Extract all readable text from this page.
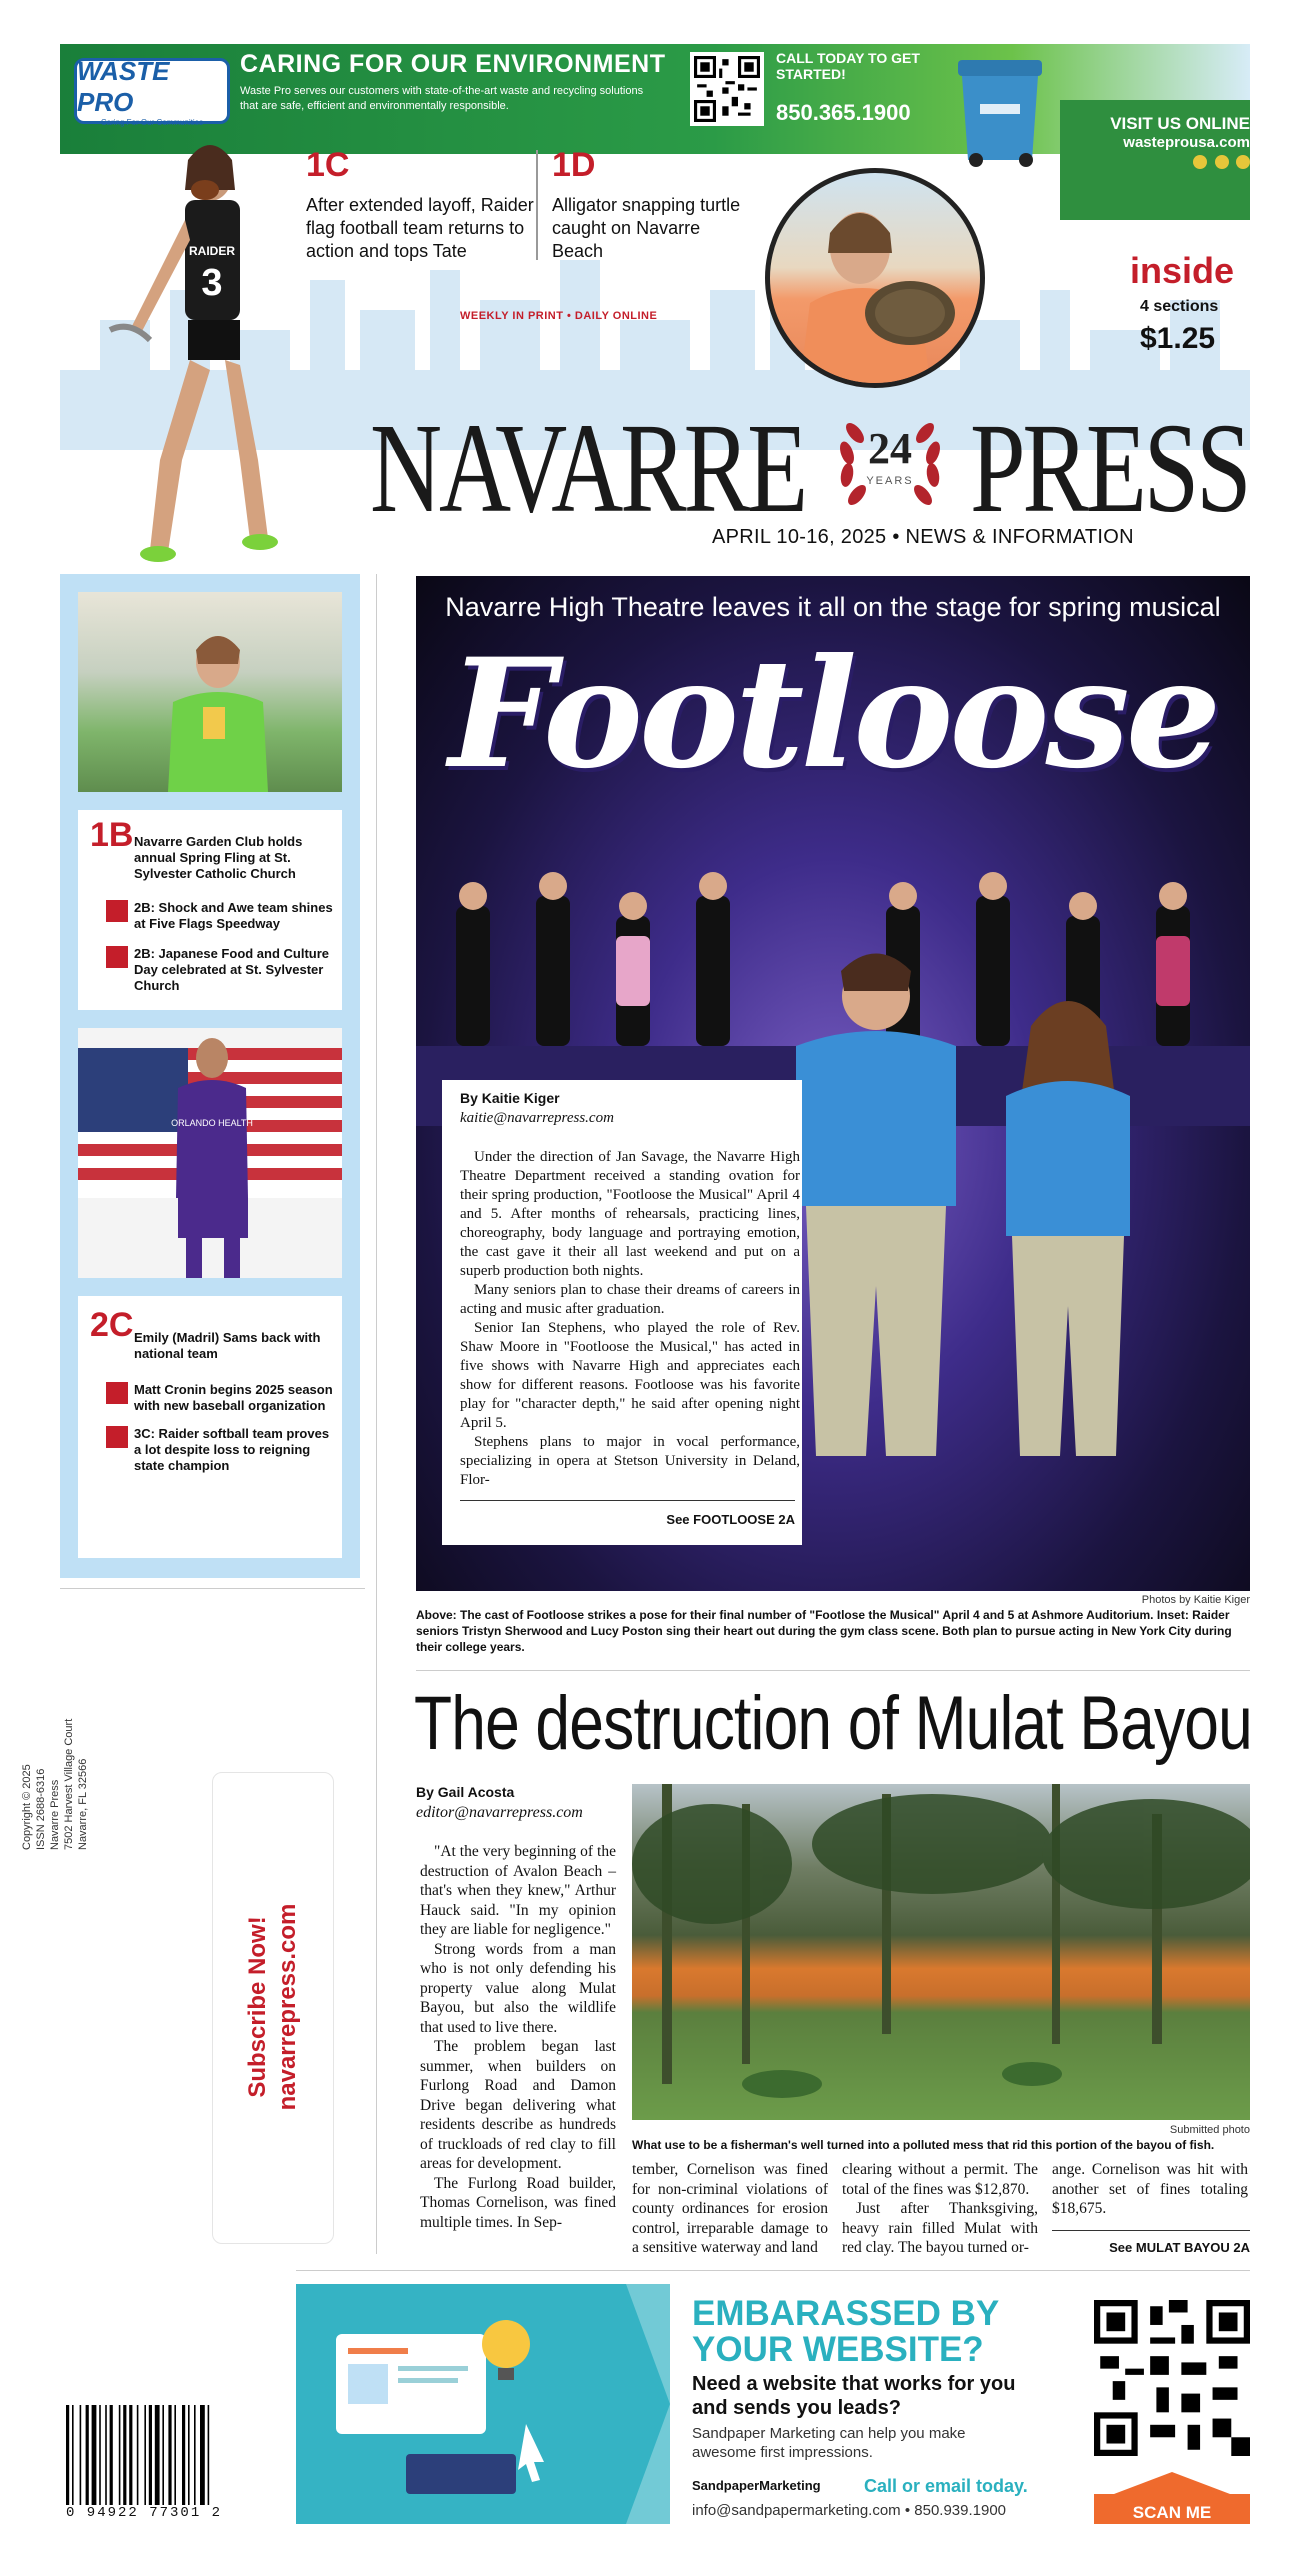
WASTE PRO
Caring For Our Communities
CARING FOR OUR ENVIRONMENT
Waste Pro serves our customers with state-of-the-art waste and recycling solutions that are safe, efficient and environmentally responsible.
CALL TODAY TO GET STARTED!
850.365.1900	VISIT US ONLINE
wasteprousa.com

RAIDER
3
1C
After extended layoff, Raider flag football team returns to action and tops Tate
1D
Alligator snapping turtle caught on Navarre Beach
WEEKLY IN PRINT • DAILY ONLINE
inside
4 sections
$1.25
NAVARRE	24
YEARS PRESS
APRIL 10-16, 2025 • NEWS & INFORMATION
1B Navarre Garden Club holds annual Spring Fling at St. Sylvester Catholic Church
2B: Shock and Awe team shines at Five Flags Speedway
2B: Japanese Food and Culture Day celebrated at St. Sylvester Church
ORLANDO HEALTH
2C Emily (Madril) Sams back with national team
Matt Cronin begins 2025 season with new baseball organization
3C: Raider softball team proves a lot despite loss to reigning state champion
Copyright © 2025 ISSN 2688-6316 Navarre Press 7502 Harvest Village Court Navarre, FL 32566
Subscribe Now! navarrepress.com
Navarre High Theatre leaves it all on the stage for spring musical
Footloose
By Kaitie Kiger
kaitie@navarrepress.com

Under the direction of Jan Savage, the Navarre High Theatre Department received a standing ovation for their spring production, "Footloose the Musical" April 4 and 5. After months of rehearsals, practicing lines, choreography, body language and portraying emotion, the cast gave it their all last weekend and put on a superb production both nights.

Many seniors plan to chase their dreams of careers in acting and music after graduation.

Senior Ian Stephens, who played the role of Rev. Shaw Moore in "Footloose the Musical," has acted in five shows with Navarre High and appreciates each show for different reasons. Footloose was his favorite play for "character depth," he said after opening night April 5.

Stephens plans to major in vocal performance, specializing in opera at Stetson University in Deland, Flor-

See FOOTLOOSE 2A
Photos by Kaitie Kiger
Above: The cast of Footloose strikes a pose for their final number of "Footlose the Musical" April 4 and 5 at Ashmore Auditorium. Inset: Raider seniors Tristyn Sherwood and Lucy Poston sing their heart out during the gym class scene. Both plan to pursue acting in New York City during their college years.
The destruction of Mulat Bayou
By Gail Acosta
editor@navarrepress.com

"At the very beginning of the destruction of Avalon Beach – that's when they knew," Arthur Hauck said. "In my opinion they are liable for negligence."

Strong words from a man who is not only defending his property value along Mulat Bayou, but also the wildlife that used to live there.

The problem began last summer, when builders on Furlong Road and Damon Drive began delivering what residents describe as hundreds of truckloads of red clay to fill areas for development.

The Furlong Road builder, Thomas Cornelison, was fined multiple times. In Sep-

Submitted photo
What use to be a fisherman's well turned into a polluted mess that rid this portion of the bayou of fish.

tember, Cornelison was fined for non-criminal violations of county ordinances for erosion control, irreparable damage to a sensitive waterway and land

clearing without a permit. The total of the fines was $12,870.

Just after Thanksgiving, heavy rain filled Mulat with red clay. The bayou turned or-

ange. Cornelison was hit with another set of fines totaling $18,675.

See MULAT BAYOU 2A
EMBARASSED BY YOUR WEBSITE?
Need a website that works for you and sends you leads?
Sandpaper Marketing can help you make awesome first impressions.
SandpaperMarketing Call or email today.
info@sandpapermarketing.com • 850.939.1900	SCAN ME
0 94922 77301 2
